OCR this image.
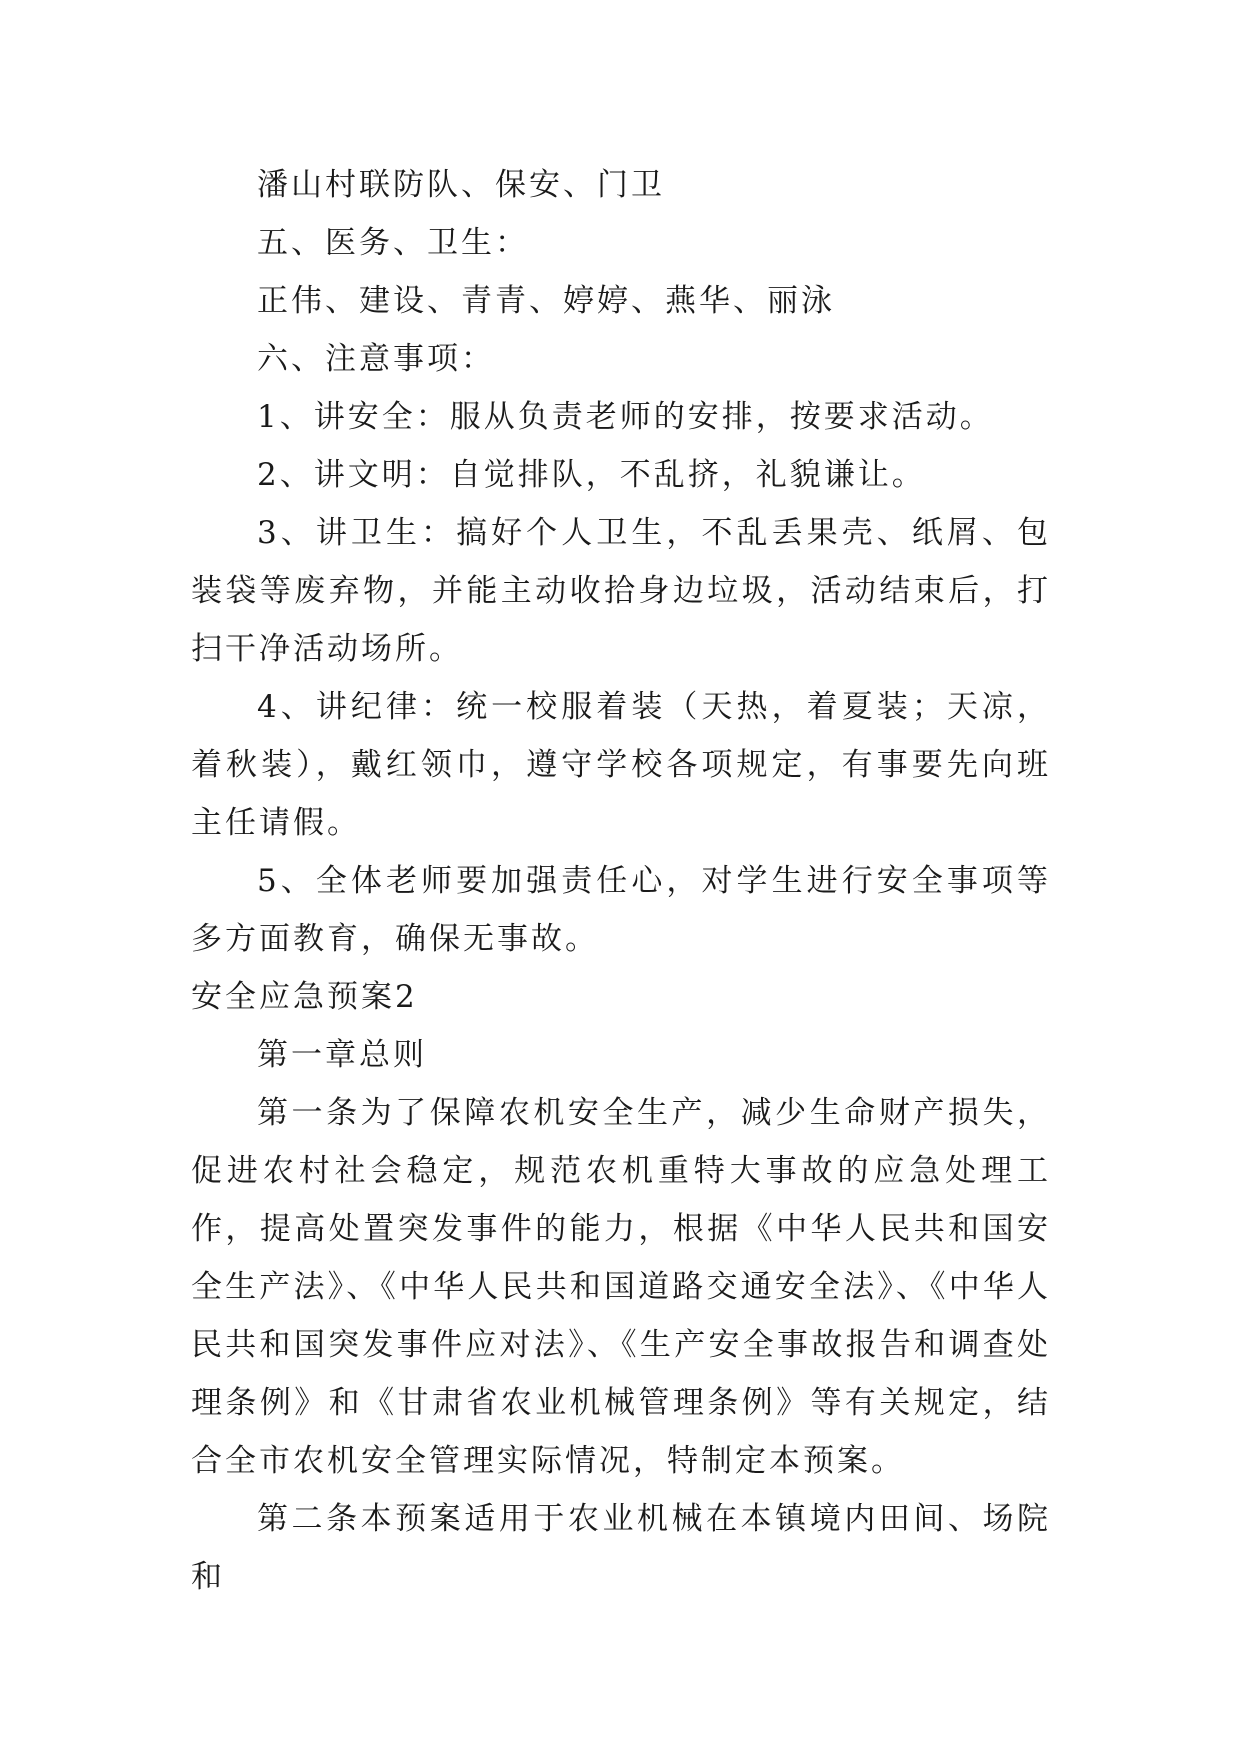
潘山村联防队、保安、门卫

五、医务、卫生：

正伟、建设、青青、婷婷、燕华、丽泳

六、注意事项：

1、讲安全：服从负责老师的安排，按要求活动。

2、讲文明：自觉排队，不乱挤，礼貌谦让。

3、讲卫生：搞好个人卫生，不乱丢果壳、纸屑、包装袋等废弃物，并能主动收拾身边垃圾，活动结束后，打扫干净活动场所。

4、讲纪律：统一校服着装（天热，着夏装；天凉，着秋装），戴红领巾，遵守学校各项规定，有事要先向班主任请假。

5、全体老师要加强责任心，对学生进行安全事项等多方面教育，确保无事故。

安全应急预案2

第一章总则

第一条为了保障农机安全生产，减少生命财产损失，促进农村社会稳定，规范农机重特大事故的应急处理工作，提高处置突发事件的能力，根据《中华人民共和国安全生产法》、《中华人民共和国道路交通安全法》、《中华人民共和国突发事件应对法》、《生产安全事故报告和调查处理条例》和《甘肃省农业机械管理条例》等有关规定，结合全市农机安全管理实际情况，特制定本预案。

第二条本预案适用于农业机械在本镇境内田间、场院和
